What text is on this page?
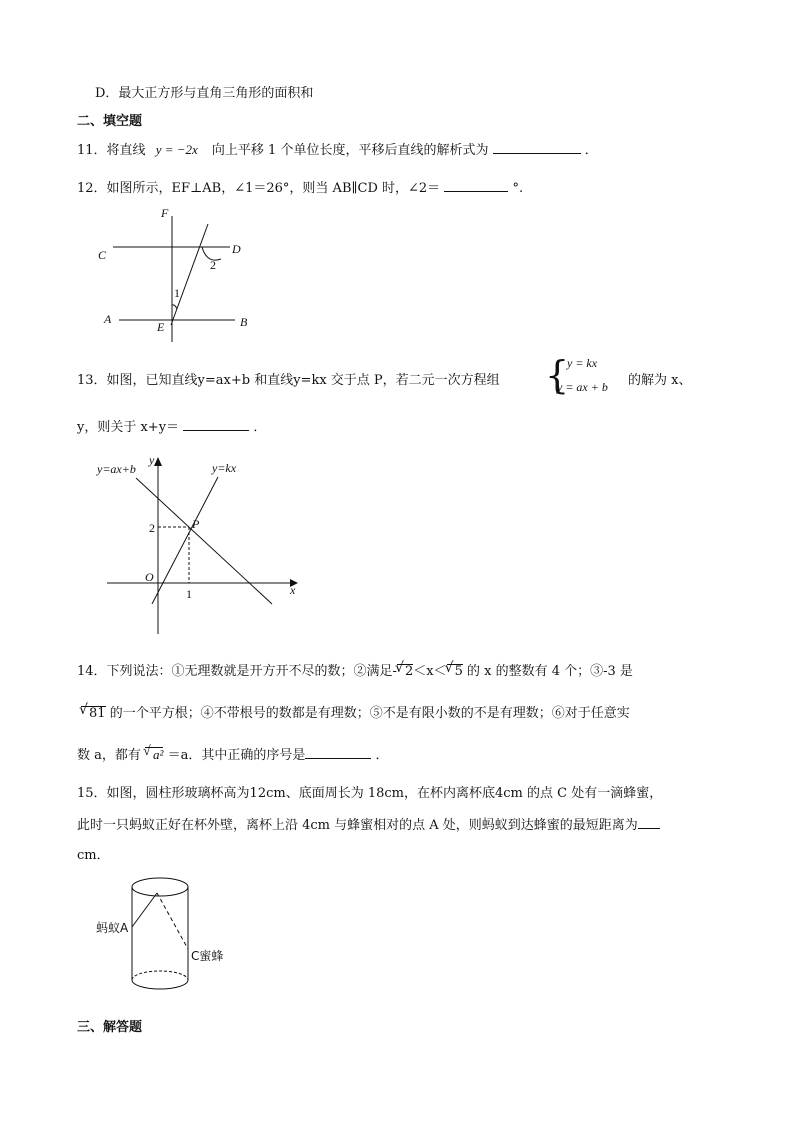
D．最大正方形与直角三角形的面积和
二、填空题
11．将直线 y = −2x 向上平移 1 个单位长度，平移后直线的解析式为	．
12．如图所示，EF⊥AB，∠1＝26°，则当 AB∥CD 时，∠2＝	°.
F
C	D
A	B
E
1
2
13．如图，已知直线y=ax+b 和直线y=kx 交于点 P，若二元一次方程组 {
y = kx
y = ax + b 的解为 x、
y，则关于 x+y＝	．
y=ax+b	y=kx
y
x
O
P
2
1
14．下列说法：①无理数就是开方开不尽的数；②满足- √ 2＜x＜ √ 5 的 x 的整数有 4 个；③-3 是
√ 81 的一个平方根；④不带根号的数都是有理数；⑤不是有限小数的不是有理数；⑥对于任意实
数 a，都有 √ a² ＝a．其中正确的序号是	．
15．如图，圆柱形玻璃杯高为12cm、底面周长为 18cm，在杯内离杯底4cm 的点 C 处有一滴蜂蜜，
此时一只蚂蚁正好在杯外壁，离杯上沿 4cm 与蜂蜜相对的点 A 处，则蚂蚁到达蜂蜜的最短距离为
cm．
蚂蚁A
C蜜蜂
三、解答题
